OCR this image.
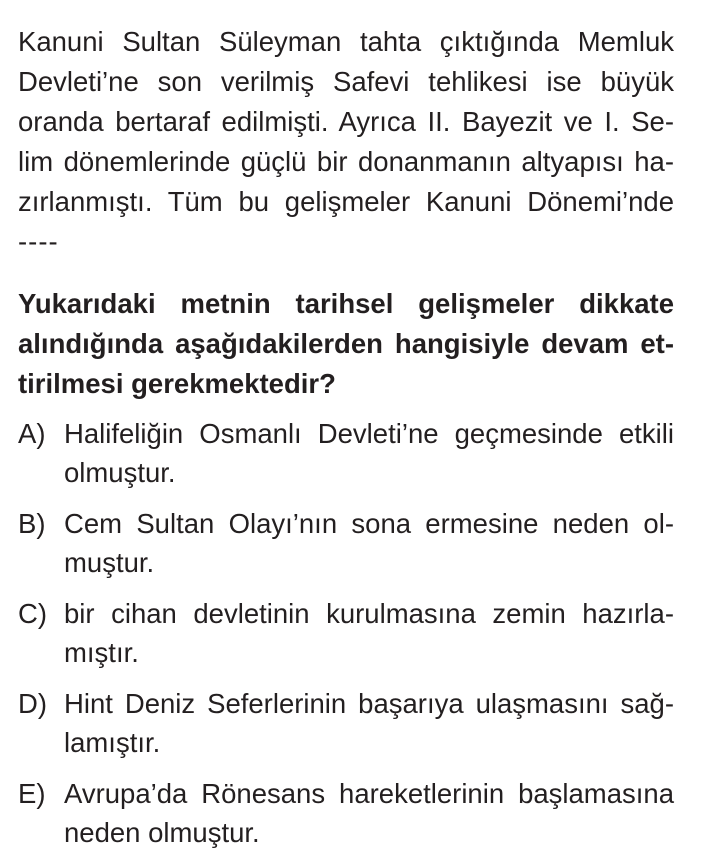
Kanuni Sultan Süleyman tahta çıktığında Memluk
Devleti’ne son verilmiş Safevi tehlikesi ise büyük
oranda bertaraf edilmişti. Ayrıca II. Bayezit ve I. Se-
lim dönemlerinde güçlü bir donanmanın altyapısı ha-
zırlanmıştı. Tüm bu gelişmeler Kanuni Dönemi’nde
----
Yukarıdaki metnin tarihsel gelişmeler dikkate
alındığında aşağıdakilerden hangisiyle devam et-
tirilmesi gerekmektedir?
A) Halifeliğin Osmanlı Devleti’ne geçmesinde etkili
olmuştur.
B) Cem Sultan Olayı’nın sona ermesine neden ol-
muştur.
C) bir cihan devletinin kurulmasına zemin hazırla-
mıştır.
D) Hint Deniz Seferlerinin başarıya ulaşmasını sağ-
lamıştır.
E) Avrupa’da Rönesans hareketlerinin başlamasına
neden olmuştur.
